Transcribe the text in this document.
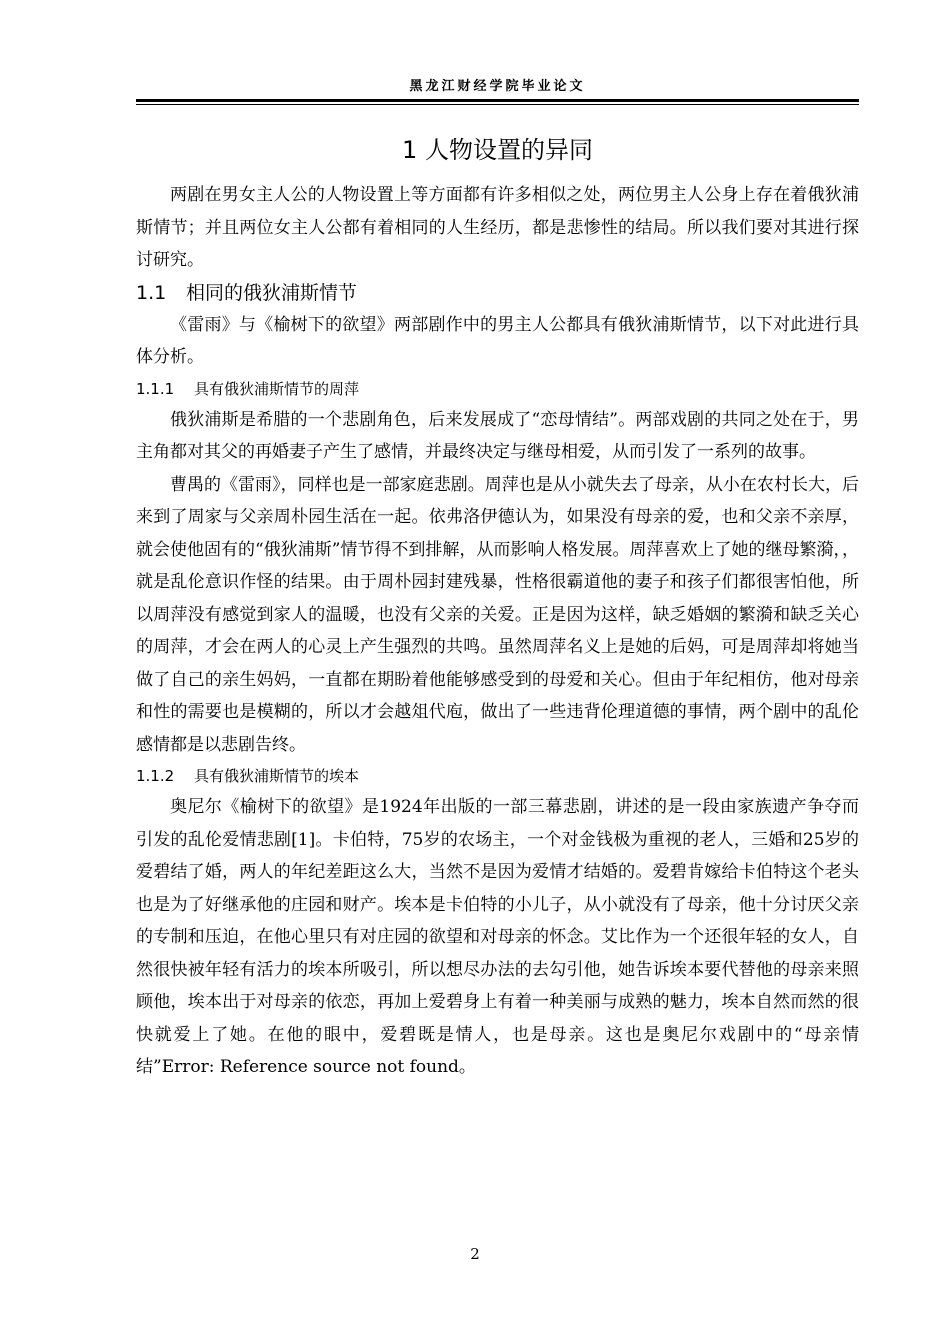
黑龙江财经学院毕业论文
1 人物设置的异同

两剧在男女主人公的人物设置上等方面都有许多相似之处，两位男主人公身上存在着俄狄浦斯情节；并且两位女主人公都有着相同的人生经历，都是悲惨性的结局。所以我们要对其进行探讨研究。

1.1 相同的俄狄浦斯情节

《雷雨》与《榆树下的欲望》两部剧作中的男主人公都具有俄狄浦斯情节，以下对此进行具体分析。

1.1.1 具有俄狄浦斯情节的周萍

俄狄浦斯是希腊的一个悲剧角色，后来发展成了“恋母情结”。两部戏剧的共同之处在于，男主角都对其父的再婚妻子产生了感情，并最终决定与继母相爱，从而引发了一系列的故事。

曹禺的《雷雨》，同样也是一部家庭悲剧。周萍也是从小就失去了母亲，从小在农村长大，后来到了周家与父亲周朴园生活在一起。依弗洛伊德认为，如果没有母亲的爱，也和父亲不亲厚，就会使他固有的“俄狄浦斯”情节得不到排解，从而影响人格发展。周萍喜欢上了她的继母繁漪，，就是乱伦意识作怪的结果。由于周朴园封建残暴，性格很霸道他的妻子和孩子们都很害怕他，所以周萍没有感觉到家人的温暖，也没有父亲的关爱。正是因为这样，缺乏婚姻的繁漪和缺乏关心的周萍，才会在两人的心灵上产生强烈的共鸣。虽然周萍名义上是她的后妈，可是周萍却将她当做了自己的亲生妈妈，一直都在期盼着他能够感受到的母爱和关心。但由于年纪相仿，他对母亲和性的需要也是模糊的，所以才会越俎代庖，做出了一些违背伦理道德的事情，两个剧中的乱伦感情都是以悲剧告终。

1.1.2 具有俄狄浦斯情节的埃本

奥尼尔《榆树下的欲望》是1924年出版的一部三幕悲剧，讲述的是一段由家族遗产争夺而引发的乱伦爱情悲剧[1]。卡伯特，75岁的农场主，一个对金钱极为重视的老人，三婚和25岁的爱碧结了婚，两人的年纪差距这么大，当然不是因为爱情才结婚的。爱碧肯嫁给卡伯特这个老头也是为了好继承他的庄园和财产。埃本是卡伯特的小儿子，从小就没有了母亲，他十分讨厌父亲的专制和压迫，在他心里只有对庄园的欲望和对母亲的怀念。艾比作为一个还很年轻的女人，自然很快被年轻有活力的埃本所吸引，所以想尽办法的去勾引他，她告诉埃本要代替他的母亲来照顾他，埃本出于对母亲的依恋，再加上爱碧身上有着一种美丽与成熟的魅力，埃本自然而然的很快就爱上了她。在他的眼中，爱碧既是情人，也是母亲。这也是奥尼尔戏剧中的“母亲情结”Error: Reference source not found。

2
